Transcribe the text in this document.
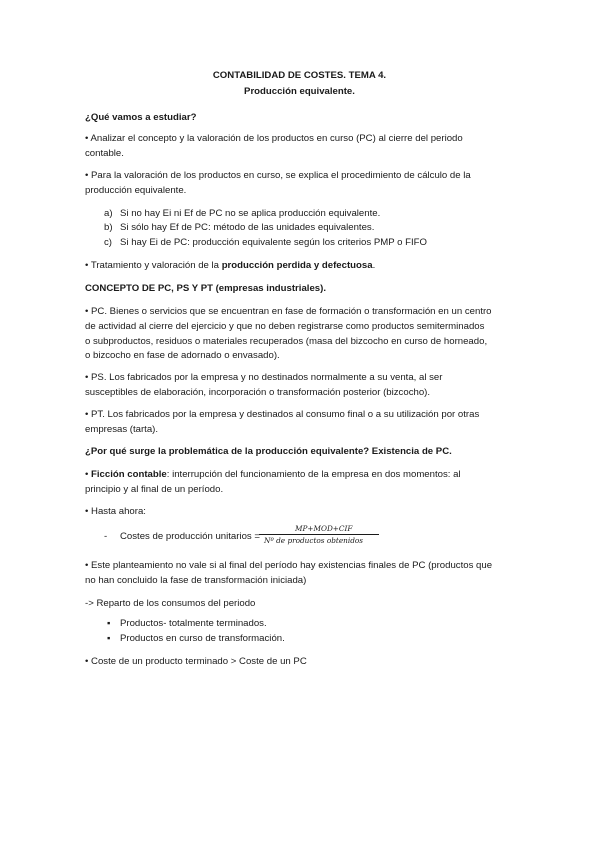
CONTABILIDAD DE COSTES. TEMA 4.

Producción equivalente.

¿Qué vamos a estudiar?

• Analizar el concepto y la valoración de los productos en curso (PC) al cierre del periodo

contable.

• Para la valoración de los productos en curso, se explica el procedimiento de cálculo de la

producción equivalente.

a) Si no hay Ei ni Ef de PC no se aplica producción equivalente.

b) Si sólo hay Ef de PC: método de las unidades equivalentes.

c) Si hay Ei de PC: producción equivalente según los criterios PMP o FIFO

• Tratamiento y valoración de la producción perdida y defectuosa.

CONCEPTO DE PC, PS Y PT (empresas industriales).

• PC. Bienes o servicios que se encuentran en fase de formación o transformación en un centro

de actividad al cierre del ejercicio y que no deben registrarse como productos semiterminados

o subproductos, residuos o materiales recuperados (masa del bizcocho en curso de horneado,

o bizcocho en fase de adornado o envasado).

• PS. Los fabricados por la empresa y no destinados normalmente a su venta, al ser

susceptibles de elaboración, incorporación o transformación posterior (bizcocho).

• PT. Los fabricados por la empresa y destinados al consumo final o a su utilización por otras

empresas (tarta).

¿Por qué surge la problemática de la producción equivalente? Existencia de PC.

• Ficción contable: interrupción del funcionamiento de la empresa en dos momentos: al

principio y al final de un período.

• Hasta ahora:

- Costes de producción unitarios =

MP+MOD+CIF
Nº de productos obtenidos

• Este planteamiento no vale si al final del período hay existencias finales de PC (productos que

no han concluido la fase de transformación iniciada)

-> Reparto de los consumos del periodo

▪ Productos- totalmente terminados.

▪ Productos en curso de transformación.

• Coste de un producto terminado > Coste de un PC
